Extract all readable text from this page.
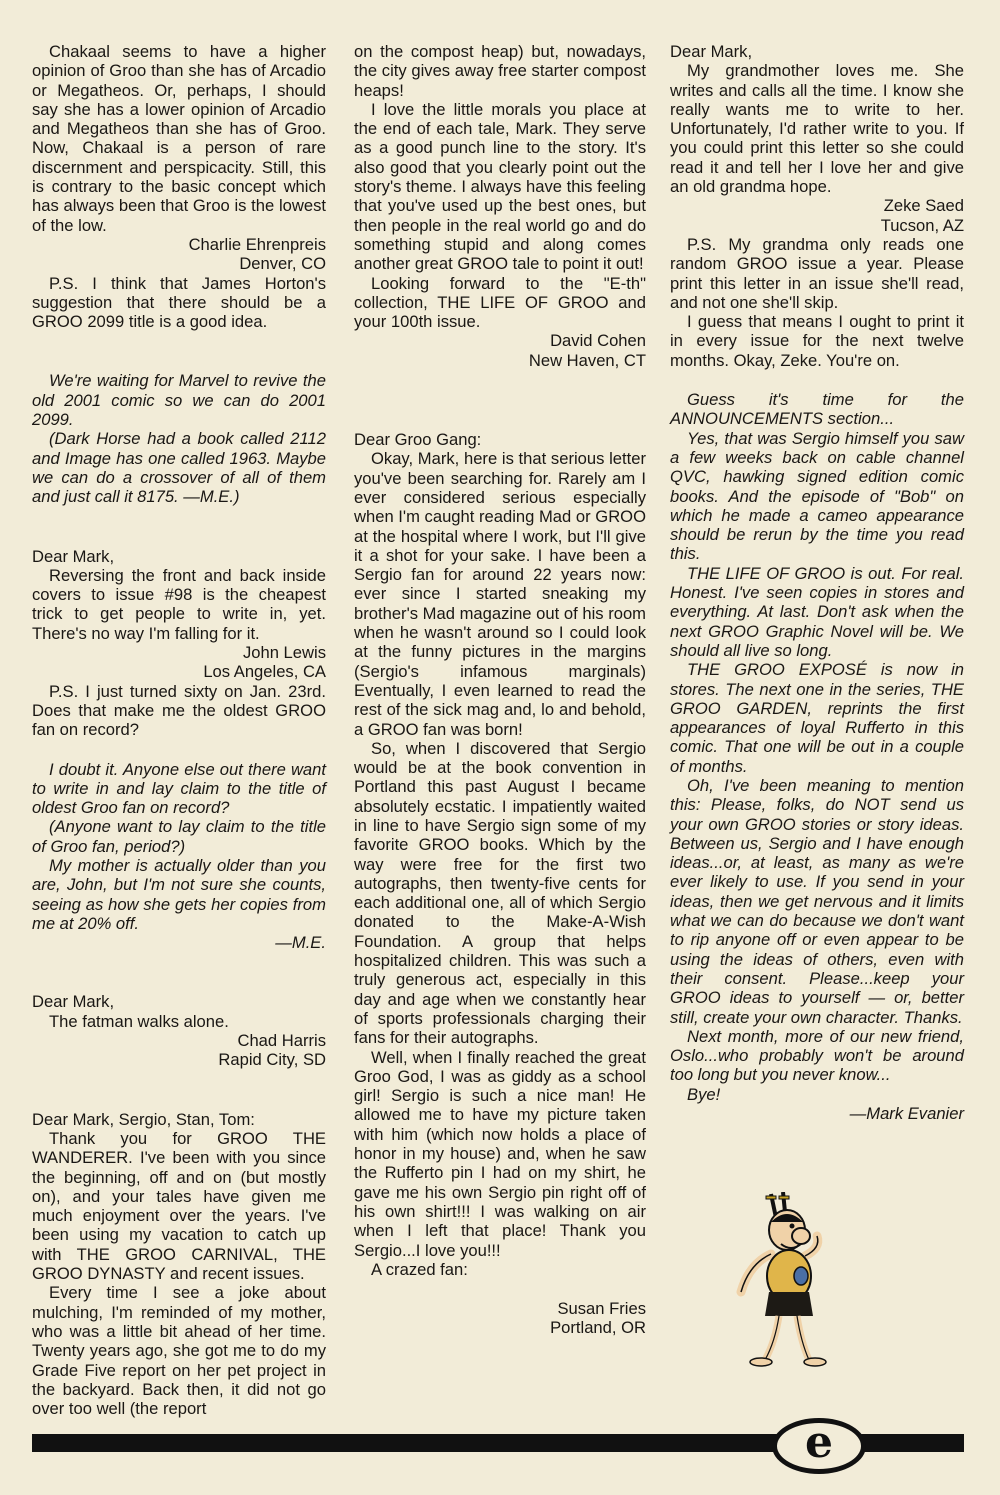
Chakaal seems to have a higher opinion of Groo than she has of Arcadio or Megatheos. Or, perhaps, I should say she has a lower opinion of Arcadio and Megatheos than she has of Groo. Now, Chakaal is a person of rare discernment and perspicacity. Still, this is contrary to the basic concept which has always been that Groo is the lowest of the low.

Charlie Ehrenpreis

Denver, CO

P.S. I think that James Horton's suggestion that there should be a GROO 2099 title is a good idea.

We're waiting for Marvel to revive the old 2001 comic so we can do 2001 2099.

(Dark Horse had a book called 2112 and Image has one called 1963. Maybe we can do a crossover of all of them and just call it 8175. —M.E.)

Dear Mark,

Reversing the front and back inside covers to issue #98 is the cheapest trick to get people to write in, yet. There's no way I'm falling for it.

John Lewis

Los Angeles, CA

P.S. I just turned sixty on Jan. 23rd. Does that make me the oldest GROO fan on record?

I doubt it. Anyone else out there want to write in and lay claim to the title of oldest Groo fan on record?

(Anyone want to lay claim to the title of Groo fan, period?)

My mother is actually older than you are, John, but I'm not sure she counts, seeing as how she gets her copies from me at 20% off.

—M.E.

Dear Mark,

The fatman walks alone.

Chad Harris

Rapid City, SD

Dear Mark, Sergio, Stan, Tom:

Thank you for GROO THE WANDERER. I've been with you since the beginning, off and on (but mostly on), and your tales have given me much enjoyment over the years. I've been using my vacation to catch up with THE GROO CARNIVAL, THE GROO DYNASTY and recent issues.

Every time I see a joke about mulching, I'm reminded of my mother, who was a little bit ahead of her time. Twenty years ago, she got me to do my Grade Five report on her pet project in the backyard. Back then, it did not go over too well (the report

on the compost heap) but, nowadays, the city gives away free starter compost heaps!

I love the little morals you place at the end of each tale, Mark. They serve as a good punch line to the story. It's also good that you clearly point out the story's theme. I always have this feeling that you've used up the best ones, but then people in the real world go and do something stupid and along comes another great GROO tale to point it out!

Looking forward to the "E-th" collection, THE LIFE OF GROO and your 100th issue.

David Cohen

New Haven, CT

Dear Groo Gang:

Okay, Mark, here is that serious letter you've been searching for. Rarely am I ever considered serious especially when I'm caught reading Mad or GROO at the hospital where I work, but I'll give it a shot for your sake. I have been a Sergio fan for around 22 years now: ever since I started sneaking my brother's Mad magazine out of his room when he wasn't around so I could look at the funny pictures in the margins (Sergio's infamous marginals) Eventually, I even learned to read the rest of the sick mag and, lo and behold, a GROO fan was born!

So, when I discovered that Sergio would be at the book convention in Portland this past August I became absolutely ecstatic. I impatiently waited in line to have Sergio sign some of my favorite GROO books. Which by the way were free for the first two autographs, then twenty-five cents for each additional one, all of which Sergio donated to the Make-A-Wish Foundation. A group that helps hospitalized children. This was such a truly generous act, especially in this day and age when we constantly hear of sports professionals charging their fans for their autographs.

Well, when I finally reached the great Groo God, I was as giddy as a school girl! Sergio is such a nice man! He allowed me to have my picture taken with him (which now holds a place of honor in my house) and, when he saw the Rufferto pin I had on my shirt, he gave me his own Sergio pin right off of his own shirt!!! I was walking on air when I left that place! Thank you Sergio...I love you!!!

A crazed fan:

Susan Fries

Portland, OR

Dear Mark,

My grandmother loves me. She writes and calls all the time. I know she really wants me to write to her. Unfortunately, I'd rather write to you. If you could print this letter so she could read it and tell her I love her and give an old grandma hope.

Zeke Saed

Tucson, AZ

P.S. My grandma only reads one random GROO issue a year. Please print this letter in an issue she'll read, and not one she'll skip.

I guess that means I ought to print it in every issue for the next twelve months. Okay, Zeke. You're on.

Guess it's time for the ANNOUNCEMENTS section...

Yes, that was Sergio himself you saw a few weeks back on cable channel QVC, hawking signed edition comic books. And the episode of "Bob" on which he made a cameo appearance should be rerun by the time you read this.

THE LIFE OF GROO is out. For real. Honest. I've seen copies in stores and everything. At last. Don't ask when the next GROO Graphic Novel will be. We should all live so long.

THE GROO EXPOSÉ is now in stores. The next one in the series, THE GROO GARDEN, reprints the first appearances of loyal Rufferto in this comic. That one will be out in a couple of months.

Oh, I've been meaning to mention this: Please, folks, do NOT send us your own GROO stories or story ideas. Between us, Sergio and I have enough ideas...or, at least, as many as we're ever likely to use. If you send in your ideas, then we get nervous and it limits what we can do because we don't want to rip anyone off or even appear to be using the ideas of others, even with their consent. Please...keep your GROO ideas to yourself — or, better still, create your own character. Thanks.

Next month, more of our new friend, Oslo...who probably won't be around too long but you never know...

Bye!

—Mark Evanier

e
